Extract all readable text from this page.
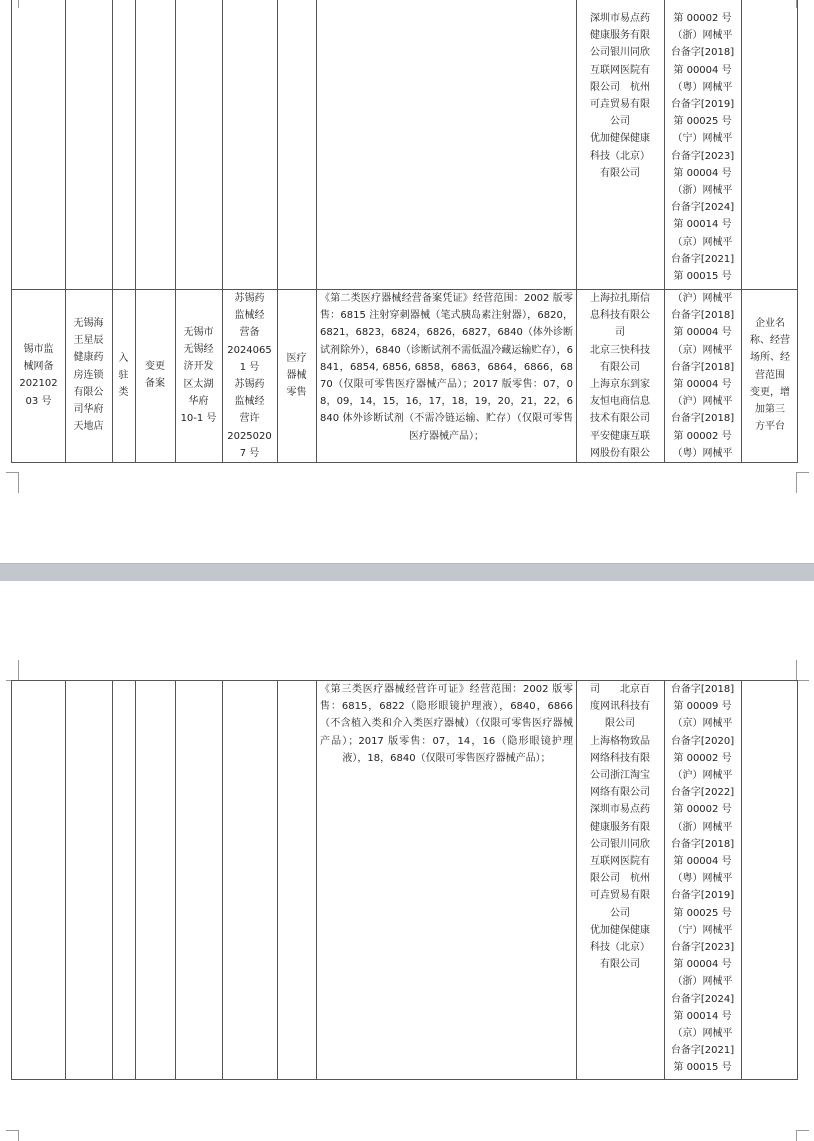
深圳市易点药
健康服务有限
公司银川同欣
互联网医院有
限公司　杭州
可垚贸易有限
公司
优加健保健康
科技（北京）
有限公司
第 00002 号
（浙）网械平
台备字[2018]
第 00004 号
（粤）网械平
台备字[2019]
第 00025 号
（宁）网械平
台备字[2023]
第 00004 号
（浙）网械平
台备字[2024]
第 00014 号
（京）网械平
台备字[2021]
第 00015 号
锡市监
械网备
202102
03 号
无锡海
王星辰
健康药
房连锁
有限公
司华府
天地店
入
驻
类
变更
备案
无锡市
无锡经
济开发
区太湖
华府
10-1 号
苏锡药
监械经
营备
2024065
1 号
苏锡药
监械经
营许
2025020
7 号
医疗
器械
零售
《第二类医疗器械经营备案凭证》经营范围：2002 版零售：6815 注射穿刺器械（笔式胰岛素注射器），6820，6821，6823，6824，6826，6827，6840（体外诊断试剂除外），6840（诊断试剂不需低温冷藏运输贮存），6841，6854, 6856, 6858，6863，6864，6866，6870（仅限可零售医疗器械产品）；2017 版零售：07，08，09，14，15，16，17，18，19，20，21，22，6840 体外诊断试剂（不需冷链运输、贮存）（仅限可零售医疗器械产品）；
上海拉扎斯信
息科技有限公
司
北京三快科技
有限公司
上海京东到家
友恒电商信息
技术有限公司
平安健康互联
网股份有限公
（沪）网械平
台备字[2018]
第 00004 号
（京）网械平
台备字[2018]
第 00004 号
（沪）网械平
台备字[2018]
第 00002 号
（粤）网械平
企业名
称、经营
场所、经
营范围
变更，增
加第三
方平台
《第三类医疗器械经营许可证》经营范围：2002 版零售：6815，6822（隐形眼镜护理液），6840，6866（不含植入类和介入类医疗器械）（仅限可零售医疗器械产品）；2017 版零售：07，14，16（隐形眼镜护理液），18，6840（仅限可零售医疗器械产品）；
司　　北京百
度网讯科技有
限公司
上海格物致品
网络科技有限
公司浙江淘宝
网络有限公司
深圳市易点药
健康服务有限
公司银川同欣
互联网医院有
限公司　杭州
可垚贸易有限
公司
优加健保健康
科技（北京）
有限公司
台备字[2018]
第 00009 号
（京）网械平
台备字[2020]
第 00002 号
（沪）网械平
台备字[2022]
第 00002 号
（浙）网械平
台备字[2018]
第 00004 号
（粤）网械平
台备字[2019]
第 00025 号
（宁）网械平
台备字[2023]
第 00004 号
（浙）网械平
台备字[2024]
第 00014 号
（京）网械平
台备字[2021]
第 00015 号
